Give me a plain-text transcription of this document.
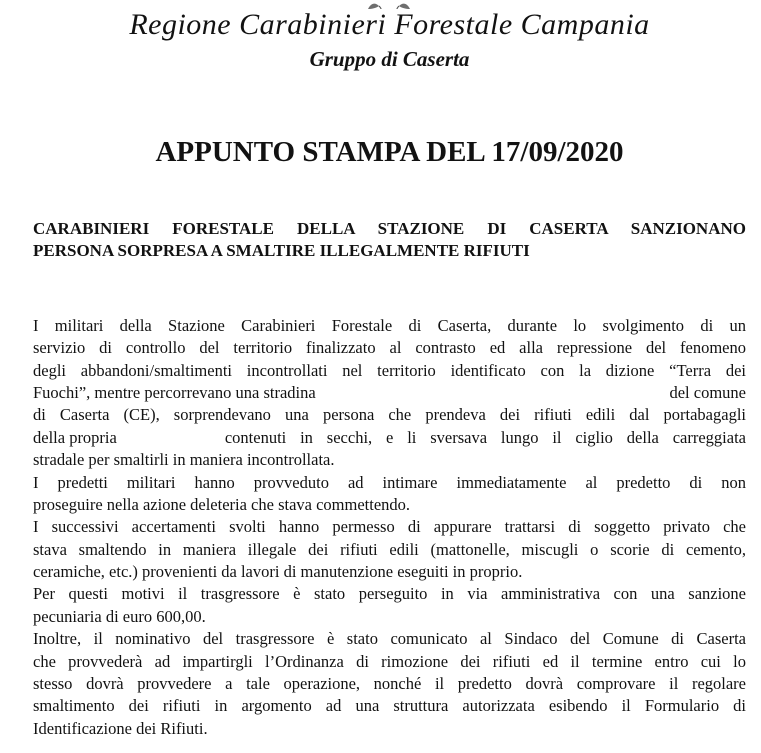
Regione Carabinieri Forestale Campania
Gruppo di Caserta
APPUNTO STAMPA DEL 17/09/2020
CARABINIERI FORESTALE DELLA STAZIONE DI CASERTA SANZIONANO
PERSONA SORPRESA A SMALTIRE ILLEGALMENTE RIFIUTI
I militari della Stazione Carabinieri Forestale di Caserta, durante lo svolgimento di un
servizio di controllo del territorio finalizzato al contrasto ed alla repressione del fenomeno
degli abbandoni/smaltimenti incontrollati nel territorio identificato con la dizione “Terra dei
Fuochi”, mentre percorrevano una stradina	del comune
di Caserta (CE), sorprendevano una persona che prendeva dei rifiuti edili dal portabagagli
della propria	contenuti in secchi, e li sversava lungo il ciglio della carreggiata
stradale per smaltirli in maniera incontrollata.
I predetti militari hanno provveduto ad intimare immediatamente al predetto di non
proseguire nella azione deleteria che stava commettendo.
I successivi accertamenti svolti hanno permesso di appurare trattarsi di soggetto privato che
stava smaltendo in maniera illegale dei rifiuti edili (mattonelle, miscugli o scorie di cemento,
ceramiche, etc.) provenienti da lavori di manutenzione eseguiti in proprio.
Per questi motivi il trasgressore è stato perseguito in via amministrativa con una sanzione
pecuniaria di euro 600,00.
Inoltre, il nominativo del trasgressore è stato comunicato al Sindaco del Comune di Caserta
che provvederà ad impartirgli l’Ordinanza di rimozione dei rifiuti ed il termine entro cui lo
stesso dovrà provvedere a tale operazione, nonché il predetto dovrà comprovare il regolare
smaltimento dei rifiuti in argomento ad una struttura autorizzata esibendo il Formulario di
Identificazione dei Rifiuti.
